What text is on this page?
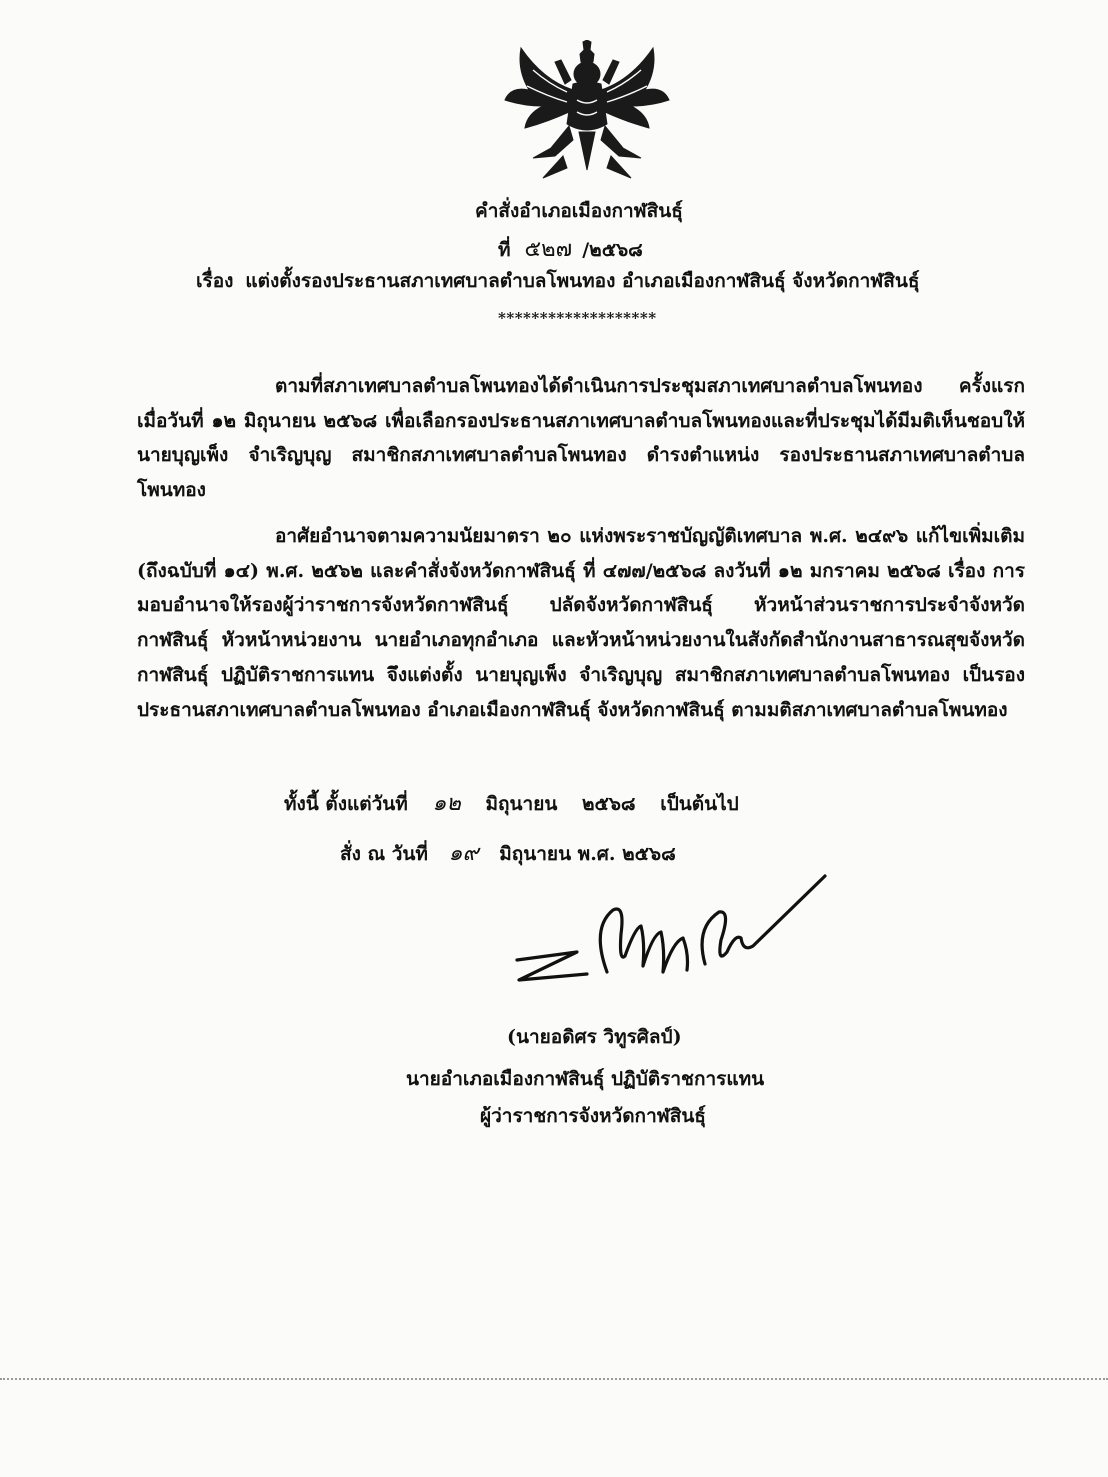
คำสั่งอำเภอเมืองกาฬสินธุ์
ที่ ๕๒๗ /๒๕๖๘
เรื่อง แต่งตั้งรองประธานสภาเทศบาลตำบลโพนทอง อำเภอเมืองกาฬสินธุ์ จังหวัดกาฬสินธุ์
*******************

ตามที่สภาเทศบาลตำบลโพนทองได้ดำเนินการประชุมสภาเทศบาลตำบลโพนทอง ครั้งแรก เมื่อวันที่ ๑๒ มิถุนายน ๒๕๖๘ เพื่อเลือกรองประธานสภาเทศบาลตำบลโพนทองและที่ประชุมได้มีมติเห็นชอบให้ นายบุญเพ็ง จำเริญบุญ สมาชิกสภาเทศบาลตำบลโพนทอง ดำรงตำแหน่ง รองประธานสภาเทศบาลตำบลโพนทอง

อาศัยอำนาจตามความนัยมาตรา ๒๐ แห่งพระราชบัญญัติเทศบาล พ.ศ. ๒๔๙๖ แก้ไขเพิ่มเติม (ถึงฉบับที่ ๑๔) พ.ศ. ๒๕๖๒ และคำสั่งจังหวัดกาฬสินธุ์ ที่ ๔๗๗/๒๕๖๘ ลงวันที่ ๑๒ มกราคม ๒๕๖๘ เรื่อง การมอบอำนาจให้รองผู้ว่าราชการจังหวัดกาฬสินธุ์ ปลัดจังหวัดกาฬสินธุ์ หัวหน้าส่วนราชการประจำจังหวัดกาฬสินธุ์ หัวหน้าหน่วยงาน นายอำเภอทุกอำเภอ และหัวหน้าหน่วยงานในสังกัดสำนักงานสาธารณสุขจังหวัดกาฬสินธุ์ ปฏิบัติราชการแทน จึงแต่งตั้ง นายบุญเพ็ง จำเริญบุญ สมาชิกสภาเทศบาลตำบลโพนทอง เป็นรองประธานสภาเทศบาลตำบลโพนทอง อำเภอเมืองกาฬสินธุ์ จังหวัดกาฬสินธุ์ ตามมติสภาเทศบาลตำบลโพนทอง

ทั้งนี้ ตั้งแต่วันที่ ๑๒ มิถุนายน ๒๕๖๘ เป็นต้นไป
สั่ง ณ วันที่ ๑๙ มิถุนายน พ.ศ. ๒๕๖๘
(นายอดิศร วิทูรศิลป์)
นายอำเภอเมืองกาฬสินธุ์ ปฏิบัติราชการแทน
ผู้ว่าราชการจังหวัดกาฬสินธุ์
